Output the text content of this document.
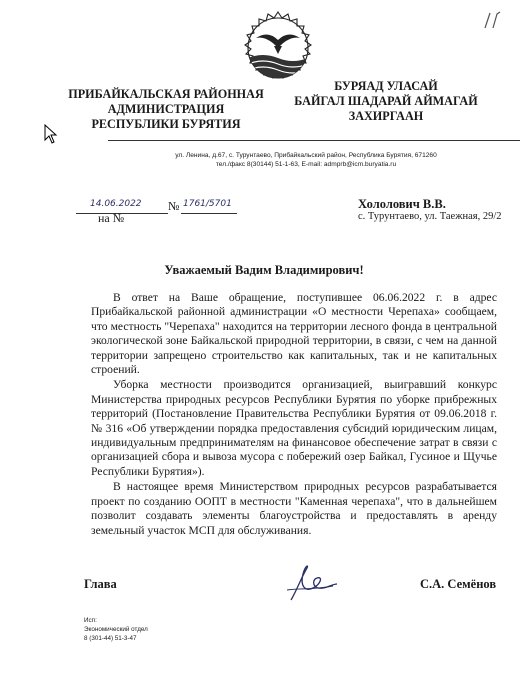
ПРИБАЙКАЛЬСКАЯ РАЙОННАЯ
АДМИНИСТРАЦИЯ
РЕСПУБЛИКИ БУРЯТИЯ
БУРЯАД УЛАСАЙ
БАЙГАЛ ШАДАРАЙ АЙМАГАЙ
ЗАХИРГААН
ул. Ленина, д.67, с. Турунтаево, Прибайкальский район, Республика Бурятия, 671260
тел./факс 8(30144) 51-1-63, E-mail: admprb@icm.buryatia.ru
14.06.2022 № 1761/5701
на №
Хололович В.В.
с. Турунтаево, ул. Таежная, 29/2
Уважаемый Вадим Владимирович!

В ответ на Ваше обращение, поступившее 06.06.2022 г. в адрес Прибайкальской районной администрации «О местности Черепаха» сообщаем, что местность "Черепаха" находится на территории лесного фонда в центральной экологической зоне Байкальской природной территории, в связи, с чем на данной территории запрещено строительство как капитальных, так и не капитальных строений.

Уборка местности производится организацией, выигравший конкурс Министерства природных ресурсов Республики Бурятия по уборке прибрежных территорий (Постановление Правительства Республики Бурятия от 09.06.2018 г. № 316 «Об утверждении порядка предоставления субсидий юридическим лицам, индивидуальным предпринимателям на финансовое обеспечение затрат в связи с организацией сбора и вывоза мусора с побережий озер Байкал, Гусиное и Щучье Республики Бурятия»).

В настоящее время Министерством природных ресурсов разрабатывается проект по созданию ООПТ в местности "Каменная черепаха", что в дальнейшем позволит создавать элементы благоустройства и предоставлять в аренду земельный участок МСП для обслуживания.

Глава	С.А. Семёнов
Исп:
Экономический отдел
8 (301-44) 51-3-47
